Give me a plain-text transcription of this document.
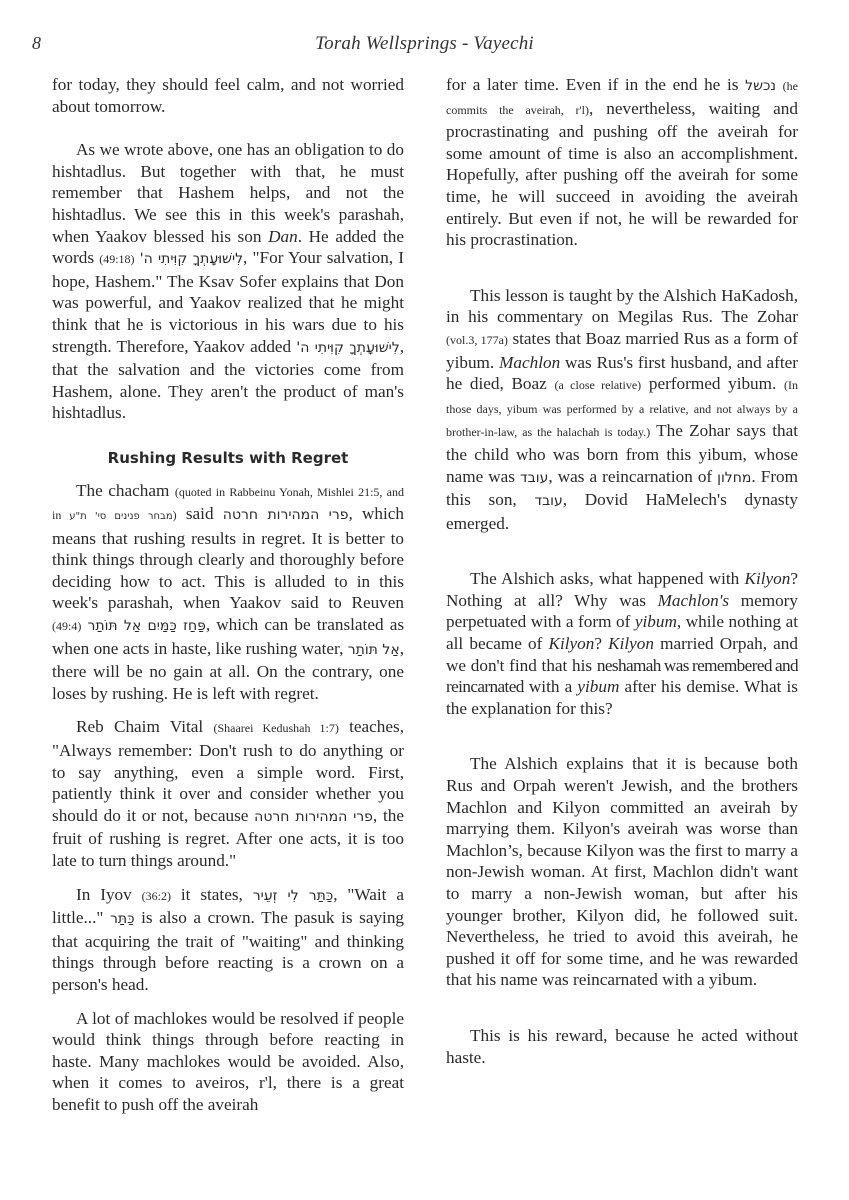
8	Torah Wellsprings - Vayechi

for today, they should feel calm, and not worried about tomorrow.

As we wrote above, one has an obligation to do hishtadlus. But together with that, he must remember that Hashem helps, and not the hishtadlus. We see this in this week's parashah, when Yaakov blessed his son Dan. He added the words (49:18) לִישׁוּעָתְךָ קִוִּיתִי ה', "For Your salvation, I hope, Hashem." The Ksav Sofer explains that Don was powerful, and Yaakov realized that he might think that he is victorious in his wars due to his strength. Therefore, Yaakov added לִישׁוּעָתְךָ קִוִּיתִי ה', that the salvation and the victories come from Hashem, alone. They aren't the product of man's hishtadlus.

Rushing Results with Regret

The chacham (quoted in Rabbeinu Yonah, Mishlei 21:5, and in מבחר פנינים סי' ת"ע) said פרי המהירות חרטה, which means that rushing results in regret. It is better to think things through clearly and thoroughly before deciding how to act. This is alluded to in this week's parashah, when Yaakov said to Reuven (49:4) פַּחַז כַּמַּיִם אַל תּוֹתַר, which can be translated as when one acts in haste, like rushing water, אַל תּוֹתַר, there will be no gain at all. On the contrary, one loses by rushing. He is left with regret.

Reb Chaim Vital (Shaarei Kedushah 1:7) teaches, "Always remember: Don't rush to do anything or to say anything, even a simple word. First, patiently think it over and consider whether you should do it or not, because פרי המהירות חרטה, the fruit of rushing is regret. After one acts, it is too late to turn things around."

In Iyov (36:2) it states, כַּתַּר לִי זְעֵיר, "Wait a little..." כַּתַּר is also a crown. The pasuk is saying that acquiring the trait of "waiting" and thinking things through before reacting is a crown on a person's head.

A lot of machlokes would be resolved if people would think things through before reacting in haste. Many machlokes would be avoided. Also, when it comes to aveiros, r'l, there is a great benefit to push off the aveirah

for a later time. Even if in the end he is נכשל (he commits the aveirah, r'l), nevertheless, waiting and procrastinating and pushing off the aveirah for some amount of time is also an accomplishment. Hopefully, after pushing off the aveirah for some time, he will succeed in avoiding the aveirah entirely. But even if not, he will be rewarded for his procrastination.

This lesson is taught by the Alshich HaKadosh, in his commentary on Megilas Rus. The Zohar (vol.3, 177a) states that Boaz married Rus as a form of yibum. Machlon was Rus's first husband, and after he died, Boaz (a close relative) performed yibum. (In those days, yibum was performed by a relative, and not always by a brother-in-law, as the halachah is today.) The Zohar says that the child who was born from this yibum, whose name was עובד, was a reincarnation of מחלון. From this son, עובד, Dovid HaMelech's dynasty emerged.

The Alshich asks, what happened with Kilyon? Nothing at all? Why was Machlon's memory perpetuated with a form of yibum, while nothing at all became of Kilyon? Kilyon married Orpah, and we don't find that his neshamah was remembered and reincarnated with a yibum after his demise. What is the explanation for this?

The Alshich explains that it is because both Rus and Orpah weren't Jewish, and the brothers Machlon and Kilyon committed an aveirah by marrying them. Kilyon's aveirah was worse than Machlon’s, because Kilyon was the first to marry a non-Jewish woman. At first, Machlon didn't want to marry a non-Jewish woman, but after his younger brother, Kilyon did, he followed suit. Nevertheless, he tried to avoid this aveirah, he pushed it off for some time, and he was rewarded that his name was reincarnated with a yibum.

This is his reward, because he acted without haste.
